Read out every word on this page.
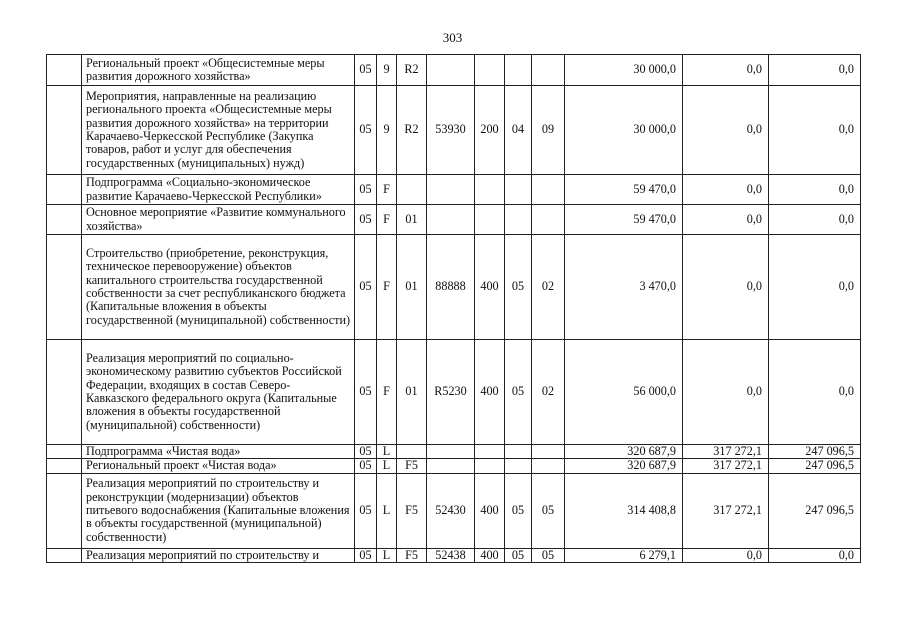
303
	Региональный проект «Общесистемные меры развития дорожного хозяйства»	05	9	R2					30 000,0	0,0	0,0
	Мероприятия, направленные на реализацию регионального проекта «Общесистемные меры развития дорожного хозяйства» на территории Карачаево-Черкесской Республике (Закупка товаров, работ и услуг для обеспечения государственных (муниципальных) нужд)	05	9	R2	53930	200	04	09	30 000,0	0,0	0,0
	Подпрограмма «Социально-экономическое развитие Карачаево-Черкесской Республики»	05	F						59 470,0	0,0	0,0
	Основное мероприятие «Развитие коммунального хозяйства»	05	F	01					59 470,0	0,0	0,0
	Строительство (приобретение, реконструкция, техническое перевооружение) объектов капитального строительства государственной собственности за счет республиканского бюджета (Капитальные вложения в объекты государственной (муниципальной) собственности)	05	F	01	88888	400	05	02	3 470,0	0,0	0,0
	Реализация мероприятий по социально-экономическому развитию субъектов Российской Федерации, входящих в состав Северо-Кавказского федерального округа (Капитальные вложения в объекты государственной (муниципальной) собственности)	05	F	01	R5230	400	05	02	56 000,0	0,0	0,0
	Подпрограмма «Чистая вода»	05	L						320 687,9	317 272,1	247 096,5
	Региональный проект «Чистая вода»	05	L	F5					320 687,9	317 272,1	247 096,5
	Реализация мероприятий по строительству и реконструкции (модернизации) объектов питьевого водоснабжения (Капитальные вложения в объекты государственной (муниципальной) собственности)	05	L	F5	52430	400	05	05	314 408,8	317 272,1	247 096,5
	Реализация мероприятий по строительству и	05	L	F5	52438	400	05	05	6 279,1	0,0	0,0
